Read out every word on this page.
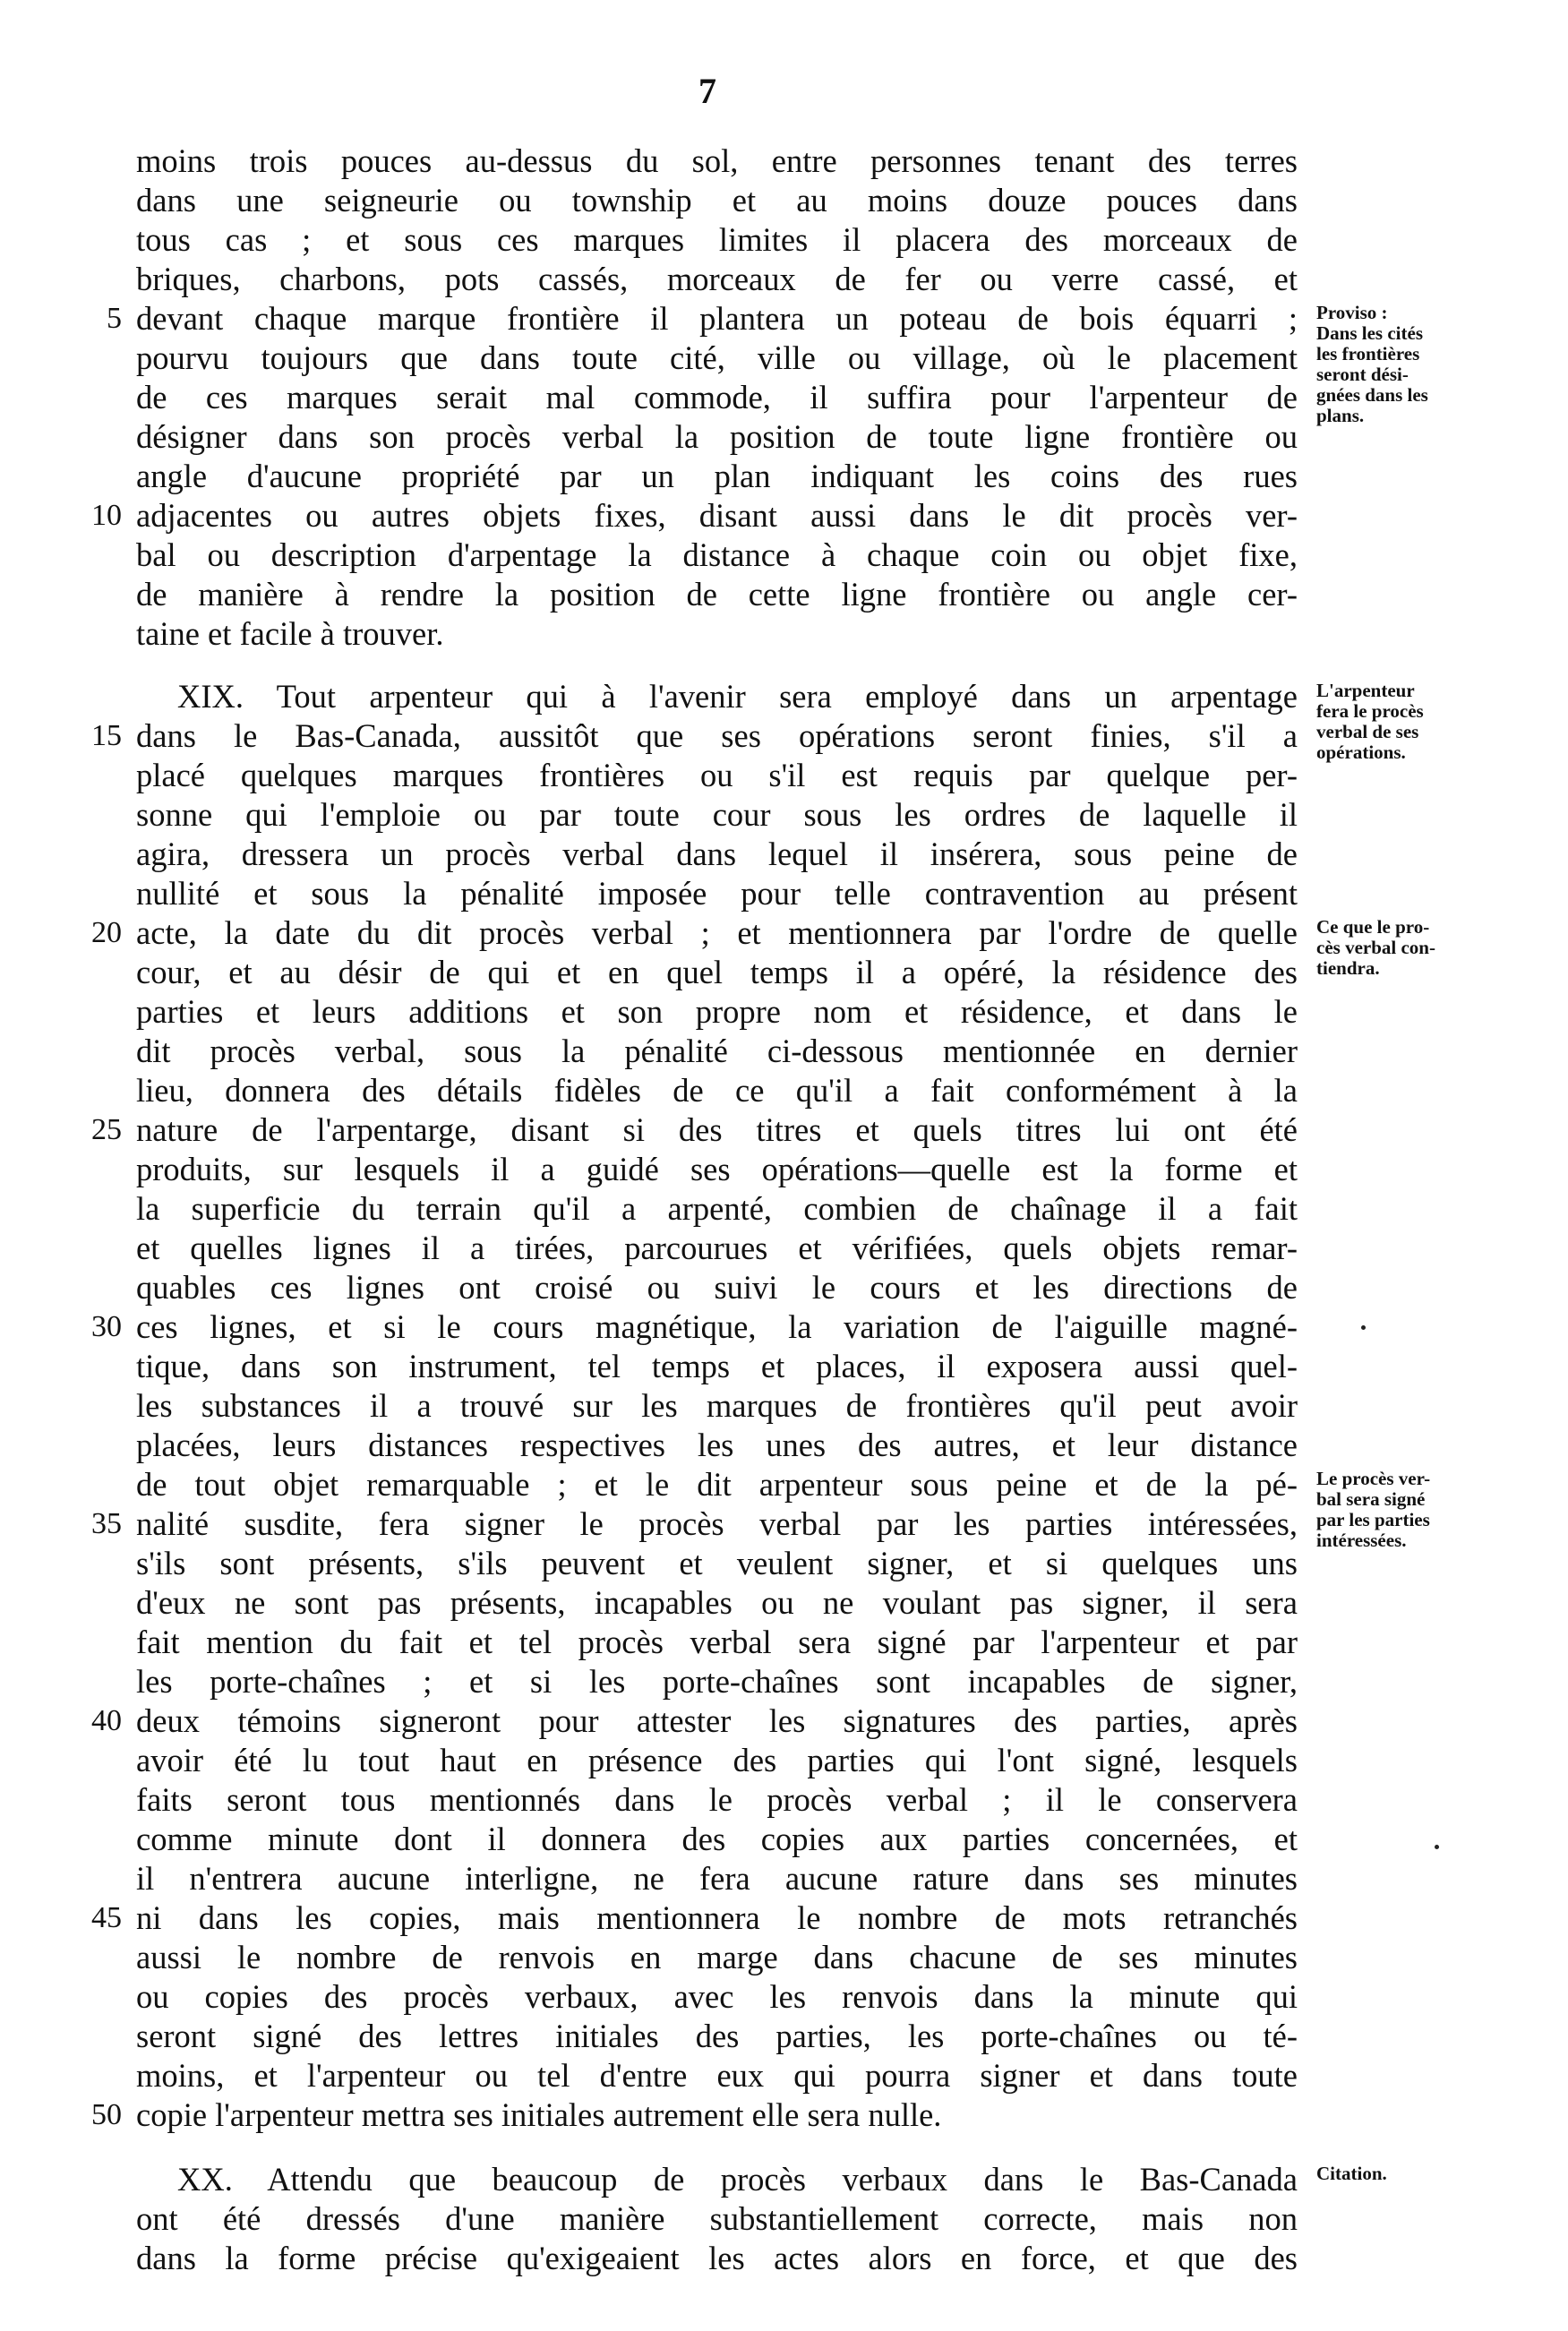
7
moins trois pouces au-dessus du sol, entre personnes tenant des terres
dans une seigneurie ou township et au moins douze pouces dans
tous cas ; et sous ces marques limites il placera des morceaux de
briques, charbons, pots cassés, morceaux de fer ou verre cassé, et
devant chaque marque frontière il plantera un poteau de bois équarri ;
5
pourvu toujours que dans toute cité, ville ou village, où le placement
de ces marques serait mal commode, il suffira pour l'arpenteur de
désigner dans son procès verbal la position de toute ligne frontière ou
angle d'aucune propriété par un plan indiquant les coins des rues
adjacentes ou autres objets fixes, disant aussi dans le dit procès ver-
10
bal ou description d'arpentage la distance à chaque coin ou objet fixe,
de manière à rendre la position de cette ligne frontière ou angle cer-
taine et facile à trouver.
XIX. Tout arpenteur qui à l'avenir sera employé dans un arpentage
dans le Bas-Canada, aussitôt que ses opérations seront finies, s'il a
15
placé quelques marques frontières ou s'il est requis par quelque per-
sonne qui l'emploie ou par toute cour sous les ordres de laquelle il
agira, dressera un procès verbal dans lequel il insérera, sous peine de
nullité et sous la pénalité imposée pour telle contravention au présent
acte, la date du dit procès verbal ; et mentionnera par l'ordre de quelle
20
cour, et au désir de qui et en quel temps il a opéré, la résidence des
parties et leurs additions et son propre nom et résidence, et dans le
dit procès verbal, sous la pénalité ci-dessous mentionnée en dernier
lieu, donnera des détails fidèles de ce qu'il a fait conformément à la
nature de l'arpentarge, disant si des titres et quels titres lui ont été
25
produits, sur lesquels il a guidé ses opérations—quelle est la forme et
la superficie du terrain qu'il a arpenté, combien de chaînage il a fait
et quelles lignes il a tirées, parcourues et vérifiées, quels objets remar-
quables ces lignes ont croisé ou suivi le cours et les directions de
ces lignes, et si le cours magnétique, la variation de l'aiguille magné-
30
tique, dans son instrument, tel temps et places, il exposera aussi quel-
les substances il a trouvé sur les marques de frontières qu'il peut avoir
placées, leurs distances respectives les unes des autres, et leur distance
de tout objet remarquable ; et le dit arpenteur sous peine et de la pé-
nalité susdite, fera signer le procès verbal par les parties intéressées,
35
s'ils sont présents, s'ils peuvent et veulent signer, et si quelques uns
d'eux ne sont pas présents, incapables ou ne voulant pas signer, il sera
fait mention du fait et tel procès verbal sera signé par l'arpenteur et par
les porte-chaînes ; et si les porte-chaînes sont incapables de signer,
deux témoins signeront pour attester les signatures des parties, après
40
avoir été lu tout haut en présence des parties qui l'ont signé, lesquels
faits seront tous mentionnés dans le procès verbal ; il le conservera
comme minute dont il donnera des copies aux parties concernées, et
il n'entrera aucune interligne, ne fera aucune rature dans ses minutes
ni dans les copies, mais mentionnera le nombre de mots retranchés
45
aussi le nombre de renvois en marge dans chacune de ses minutes
ou copies des procès verbaux, avec les renvois dans la minute qui
seront signé des lettres initiales des parties, les porte-chaînes ou té-
moins, et l'arpenteur ou tel d'entre eux qui pourra signer et dans toute
copie l'arpenteur mettra ses initiales autrement elle sera nulle.
50
XX. Attendu que beaucoup de procès verbaux dans le Bas-Canada
ont été dressés d'une manière substantiellement correcte, mais non
dans la forme précise qu'exigeaient les actes alors en force, et que des
Proviso :
Dans les cités
les frontières
seront dési-
gnées dans les
plans.
L'arpenteur
fera le procès
verbal de ses
opérations.
Ce que le pro-
cès verbal con-
tiendra.
Le procès ver-
bal sera signé
par les parties
intéressées.
Citation.
